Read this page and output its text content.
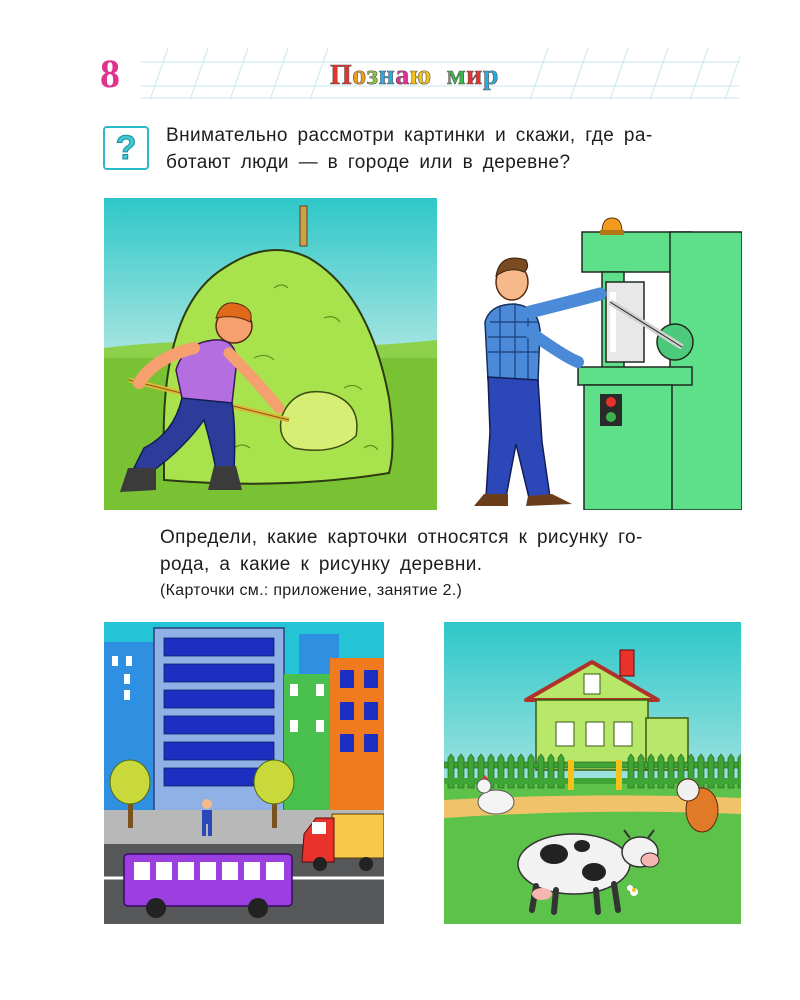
8	Познаю мир
? Внимательно рассмотри картинки и скажи, где ра-
ботают люди — в городе или в деревне?
Определи, какие карточки относятся к рисунку го-
рода, а какие к рисунку деревни.
(Карточки см.: приложение, занятие 2.)
